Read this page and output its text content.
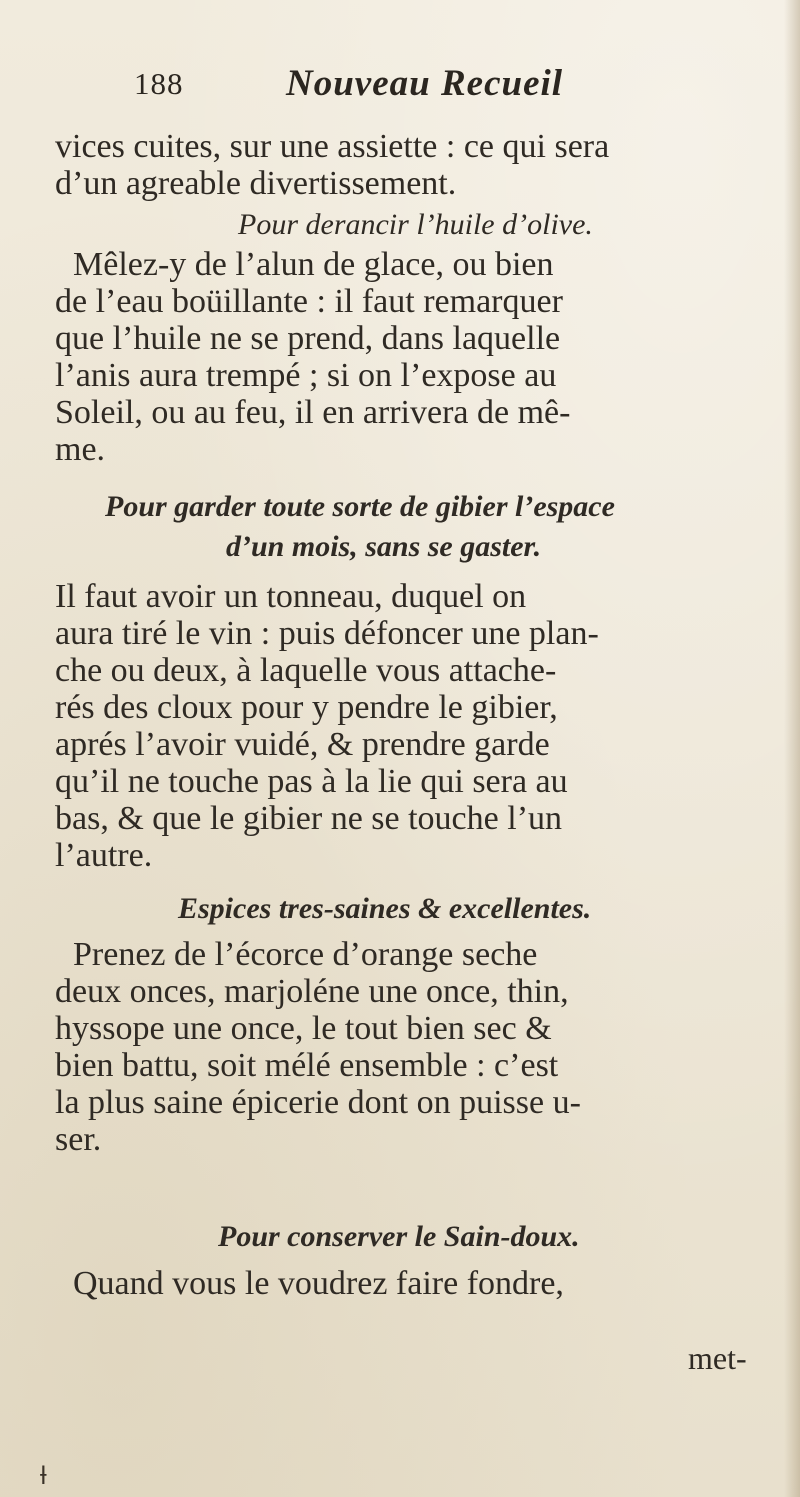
188	Nouveau Recueil
vices cuites, sur une assiette : ce qui sera
d’un agreable divertissement.
Pour derancir l’huile d’olive.
Mêlez-y de l’alun de glace, ou bien
de l’eau boüillante : il faut remarquer
que l’huile ne se prend, dans laquelle
l’anis aura trempé ; si on l’expose au
Soleil, ou au feu, il en arrivera de mê-
me.
Pour garder toute sorte de gibier l’espace
d’un mois, sans se gaster.
Il faut avoir un tonneau, duquel on
aura tiré le vin : puis défoncer une plan-
che ou deux, à laquelle vous attache-
rés des cloux pour y pendre le gibier,
aprés l’avoir vuidé, & prendre garde
qu’il ne touche pas à la lie qui sera au
bas, & que le gibier ne se touche l’un
l’autre.
Espices tres-saines & excellentes.
Prenez de l’écorce d’orange seche
deux onces, marjoléne une once, thin,
hyssope une once, le tout bien sec &
bien battu, soit mélé ensemble : c’est
la plus saine épicerie dont on puisse u-
ser.
Pour conserver le Sain-doux.
Quand vous le voudrez faire fondre,
met-
ƚ
